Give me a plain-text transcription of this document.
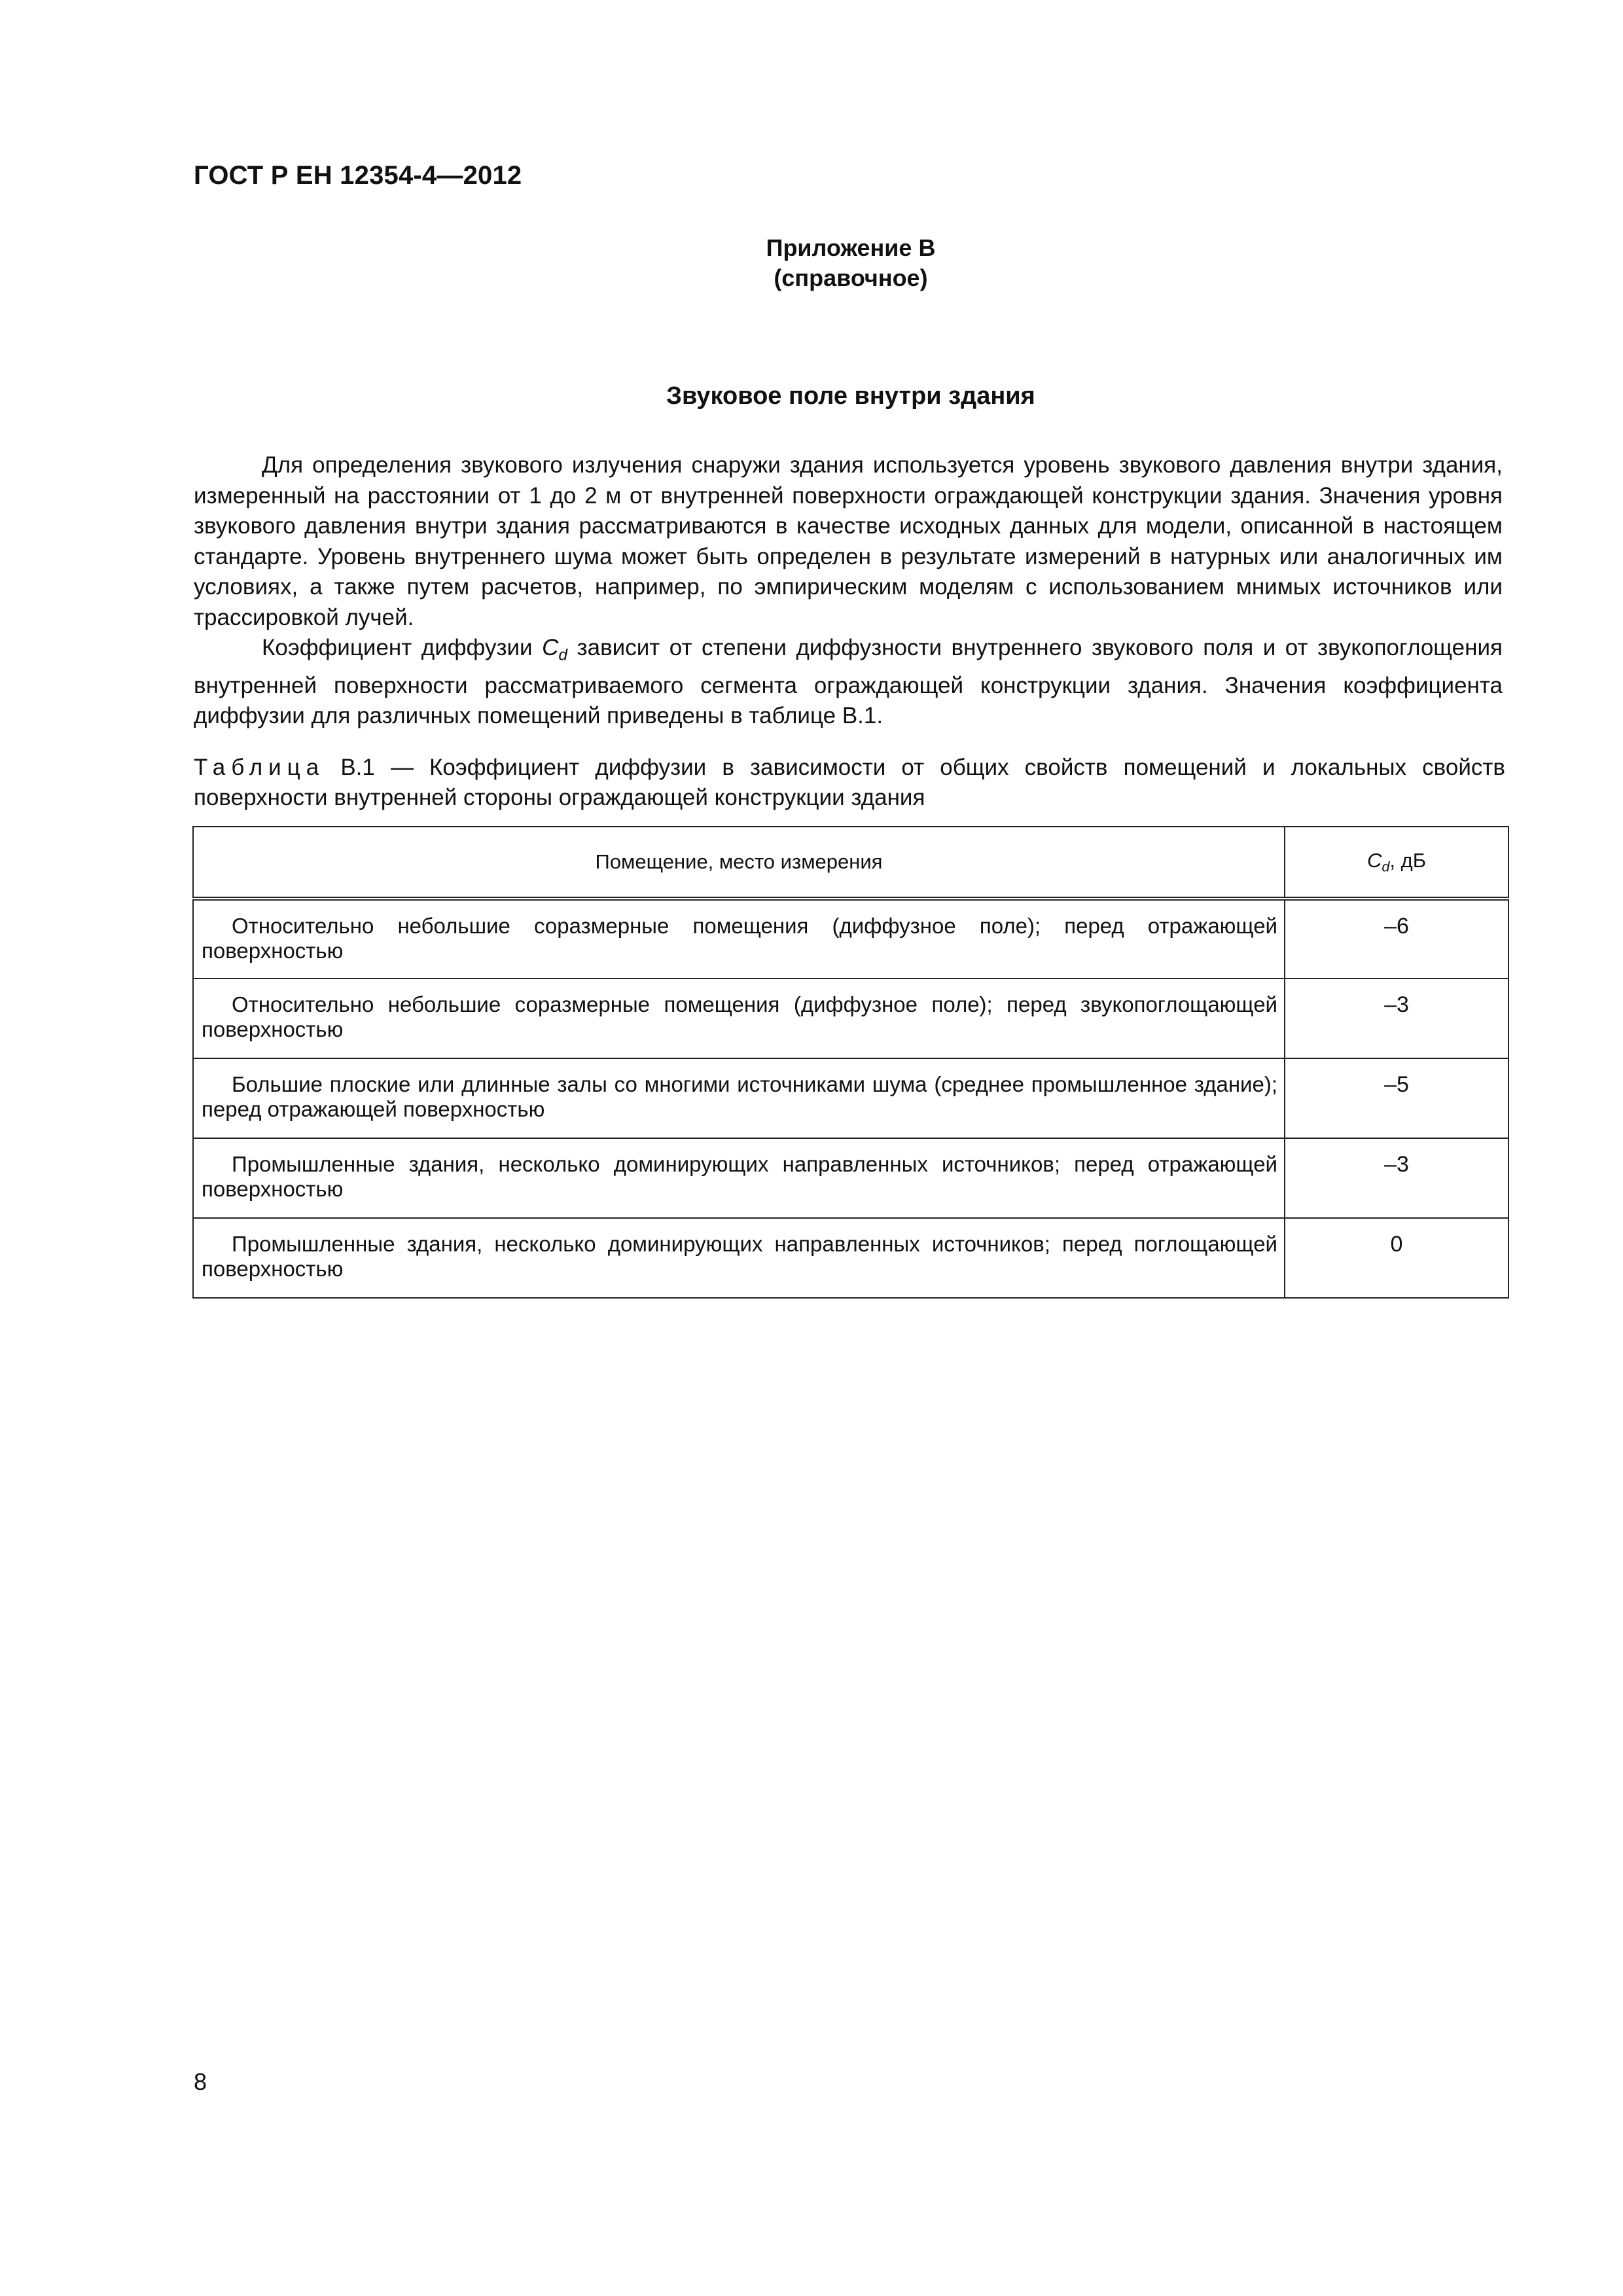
ГОСТ Р ЕН 12354-4—2012
Приложение В
(справочное)
Звуковое поле внутри здания

Для определения звукового излучения снаружи здания используется уровень звукового давления внутри здания, измеренный на расстоянии от 1 до 2 м от внутренней поверхности ограждающей конструкции здания. Значения уровня звукового давления внутри здания рассматриваются в качестве исходных данных для модели, описанной в настоящем стандарте. Уровень внутреннего шума может быть определен в результате измерений в натурных или аналогичных им условиях, а также путем расчетов, например, по эмпирическим моделям с использованием мнимых источников или трассировкой лучей.

Коэффициент диффузии $C_d$ зависит от степени диффузности внутреннего звукового поля и от звукопоглощения внутренней поверхности рассматриваемого сегмента ограждающей конструкции здания. Значения коэффициента диффузии для различных помещений приведены в таблице В.1.

Таблица В.1 — Коэффициент диффузии в зависимости от общих свойств помещений и локальных свойств поверхности внутренней стороны ограждающей конструкции здания
Помещение, место измерения	$C_d$, дБ
Относительно небольшие соразмерные помещения (диффузное поле); перед отражающей поверхностью	–6
Относительно небольшие соразмерные помещения (диффузное поле); перед звукопоглощающей поверхностью	–3
Большие плоские или длинные залы со многими источниками шума (среднее промышленное здание); перед отражающей поверхностью	–5
Промышленные здания, несколько доминирующих направленных источников; перед отражающей поверхностью	–3
Промышленные здания, несколько доминирующих направленных источников; перед поглощающей поверхностью	0
8
